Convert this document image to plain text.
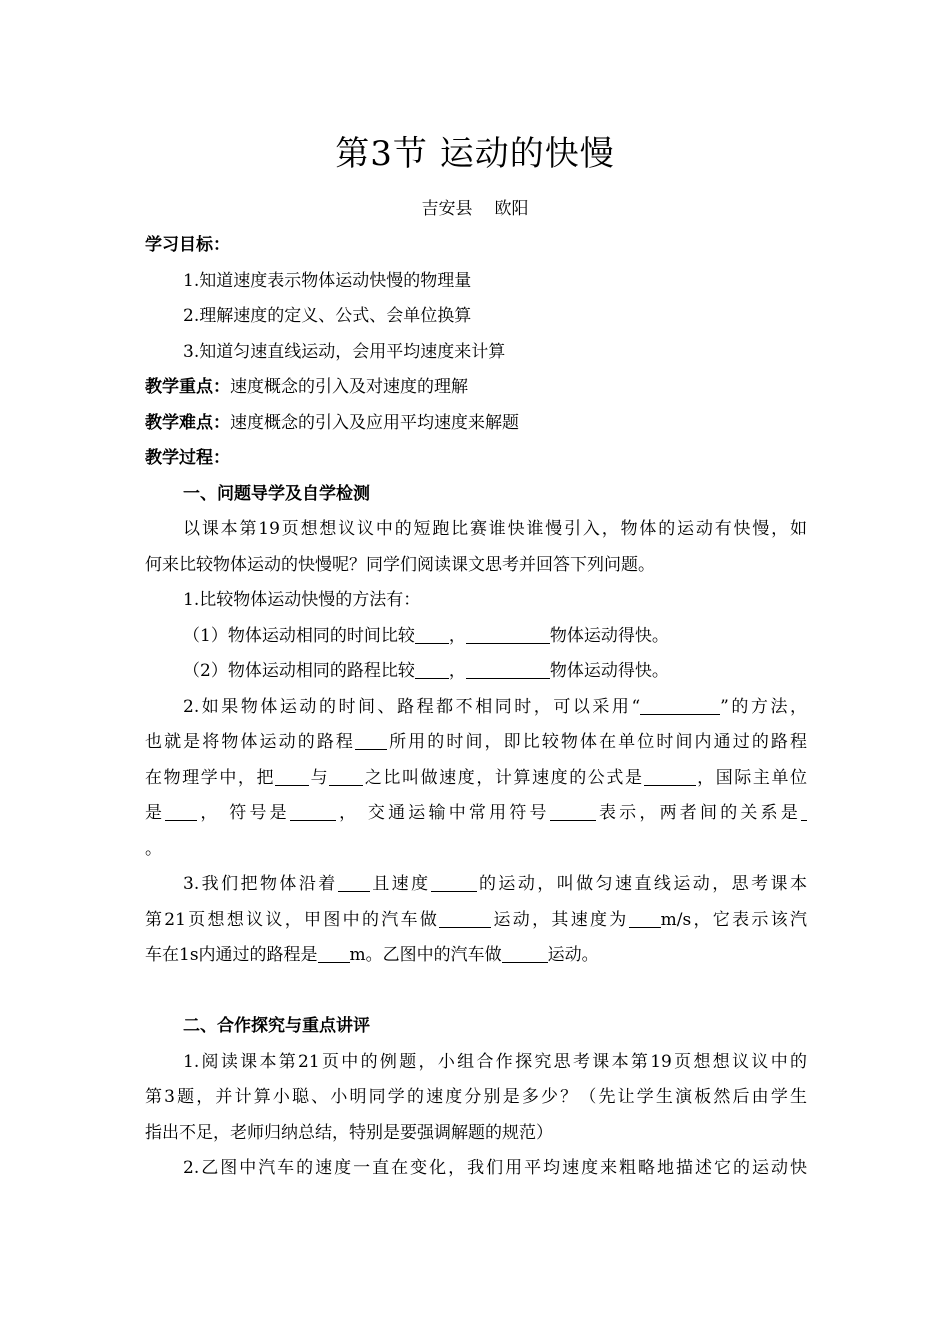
第3节 运动的快慢
吉安县 欧阳
学习目标：
1.知道速度表示物体运动快慢的物理量
2.理解速度的定义、公式、会单位换算
3.知道匀速直线运动，会用平均速度来计算
教学重点：速度概念的引入及对速度的理解
教学难点：速度概念的引入及应用平均速度来解题
教学过程：
一、问题导学及自学检测
以课本第19页想想议议中的短跑比赛谁快谁慢引入，物体的运动有快慢，如
何来比较物体运动的快慢呢？同学们阅读课文思考并回答下列问题。
1.比较物体运动快慢的方法有：
（1）物体运动相同的时间比较 ，	物体运动得快。
（2）物体运动相同的路程比较 ，	物体运动得快。
2.如果物体运动的时间、路程都不相同时，可以采用“	”的方法，
也就是将物体运动的路程 所用的时间，即比较物体在单位时间内通过的路程
在物理学中，把 与 之比叫做速度，计算速度的公式是	，国际主单位
是 ， 符号是	， 交通运输中常用符号	表示，两者间的关系是
。
3.我们把物体沿着 且速度	的运动，叫做匀速直线运动，思考课本
第21页想想议议，甲图中的汽车做	运动，其速度为 m/s，它表示该汽
车在1s内通过的路程是 m。乙图中的汽车做	运动。
二、合作探究与重点讲评
1.阅读课本第21页中的例题，小组合作探究思考课本第19页想想议议中的
第3题，并计算小聪、小明同学的速度分别是多少？（先让学生演板然后由学生
指出不足，老师归纳总结，特别是要强调解题的规范）
2.乙图中汽车的速度一直在变化，我们用平均速度来粗略地描述它的运动快
